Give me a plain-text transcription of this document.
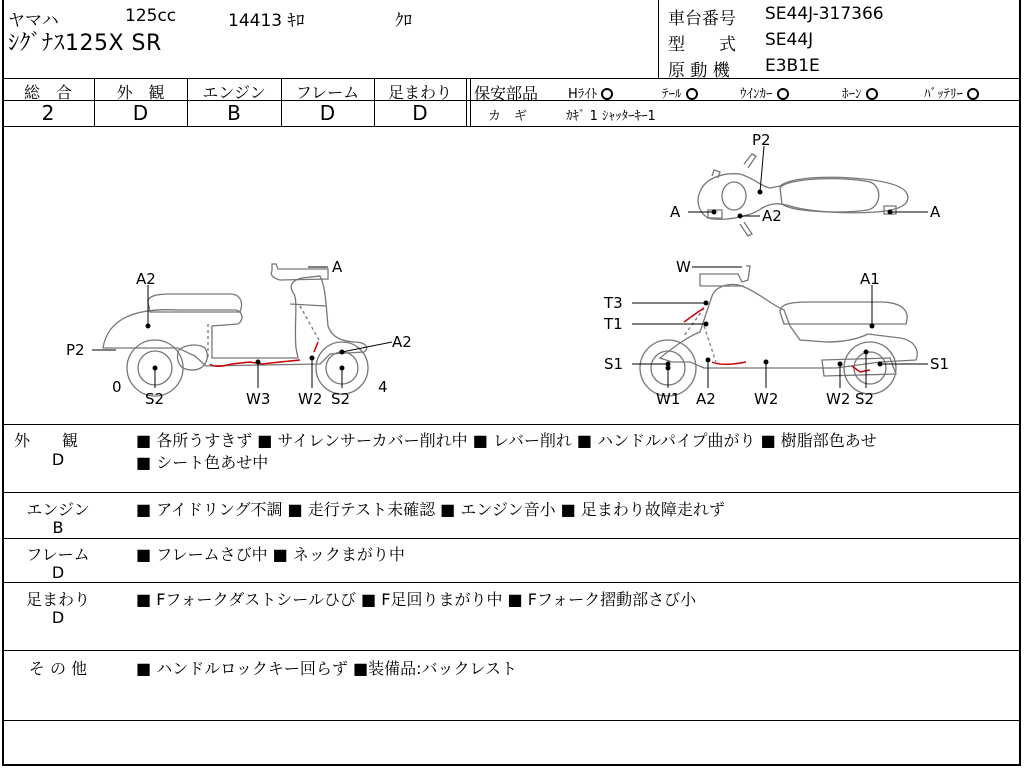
ヤマハ	125cc	14413 ｷﾛ	ｸﾛ
ｼｸﾞﾅｽ125X SR
車台番号 SE44J-317366
型　　式 SE44J
原 動 機 E3B1E
総　合
2
外　観
D
エンジン
B
フレーム
D
足まわり
D
保安部品 Hﾗｲﾄ	ﾃｰﾙ	ｳｲﾝｶｰ	ﾎｰﾝ	ﾊﾞｯﾃﾘｰ
カ　ギ	ｶｷﾞ 1 ｼｬｯﾀｰｷｰ1
A
A2
P2	A2
0
S2	W3 W2 S2
4
W
A1
T3
T1
S1	S1
W1 A2	W2	W2 S2
P2
A	A2	A
外　　観
D
■ 各所うすきず ■ サイレンサーカバー削れ中 ■ レバー削れ ■ ハンドルパイプ曲がり ■ 樹脂部色あせ
■ シート色あせ中
エンジン
B
■ アイドリング不調 ■ 走行テスト未確認 ■ エンジン音小 ■ 足まわり故障走れず
フレーム
D
■ フレームさび中 ■ ネックまがり中
足まわり
D
■ Fフォークダストシールひび ■ F足回りまがり中 ■ Fフォーク摺動部さび小
そ の 他	■ ハンドルロックキー回らず ■装備品:バックレスト
